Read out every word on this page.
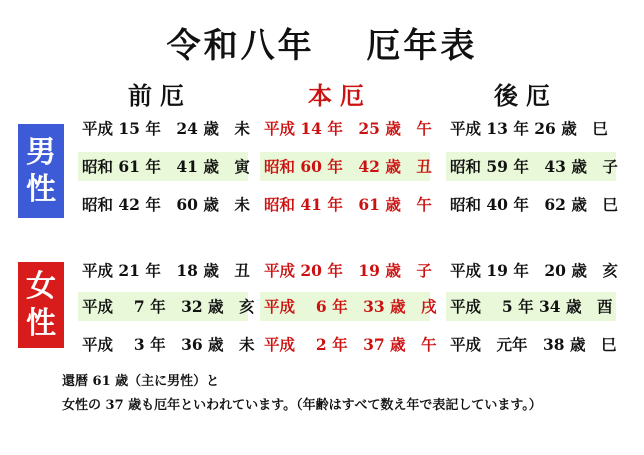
令和八年　 厄年表
前厄	本厄	後厄
男
性
女
性
平成 15 年　24 歳　未 平成 14 年　25 歳　午 平成 13 年 26 歳　巳
昭和 61 年　41 歳　寅 昭和 60 年　42 歳　丑 昭和 59 年　43 歳　子
昭和 42 年　60 歳　未 昭和 41 年　61 歳　午 昭和 40 年　62 歳　巳
平成 21 年　18 歳　丑 平成 20 年　19 歳　子 平成 19 年　20 歳　亥
平成　 7 年　32 歳　亥 平成　 6 年　33 歳　戌 平成　 5 年 34 歳　酉
平成　 3 年　36 歳　未 平成　 2 年　37 歳　午 平成　元年　38 歳　巳
還暦 61 歳（主に男性）と
女性の 37 歳も厄年といわれています。（年齢はすべて数え年で表記しています。）
